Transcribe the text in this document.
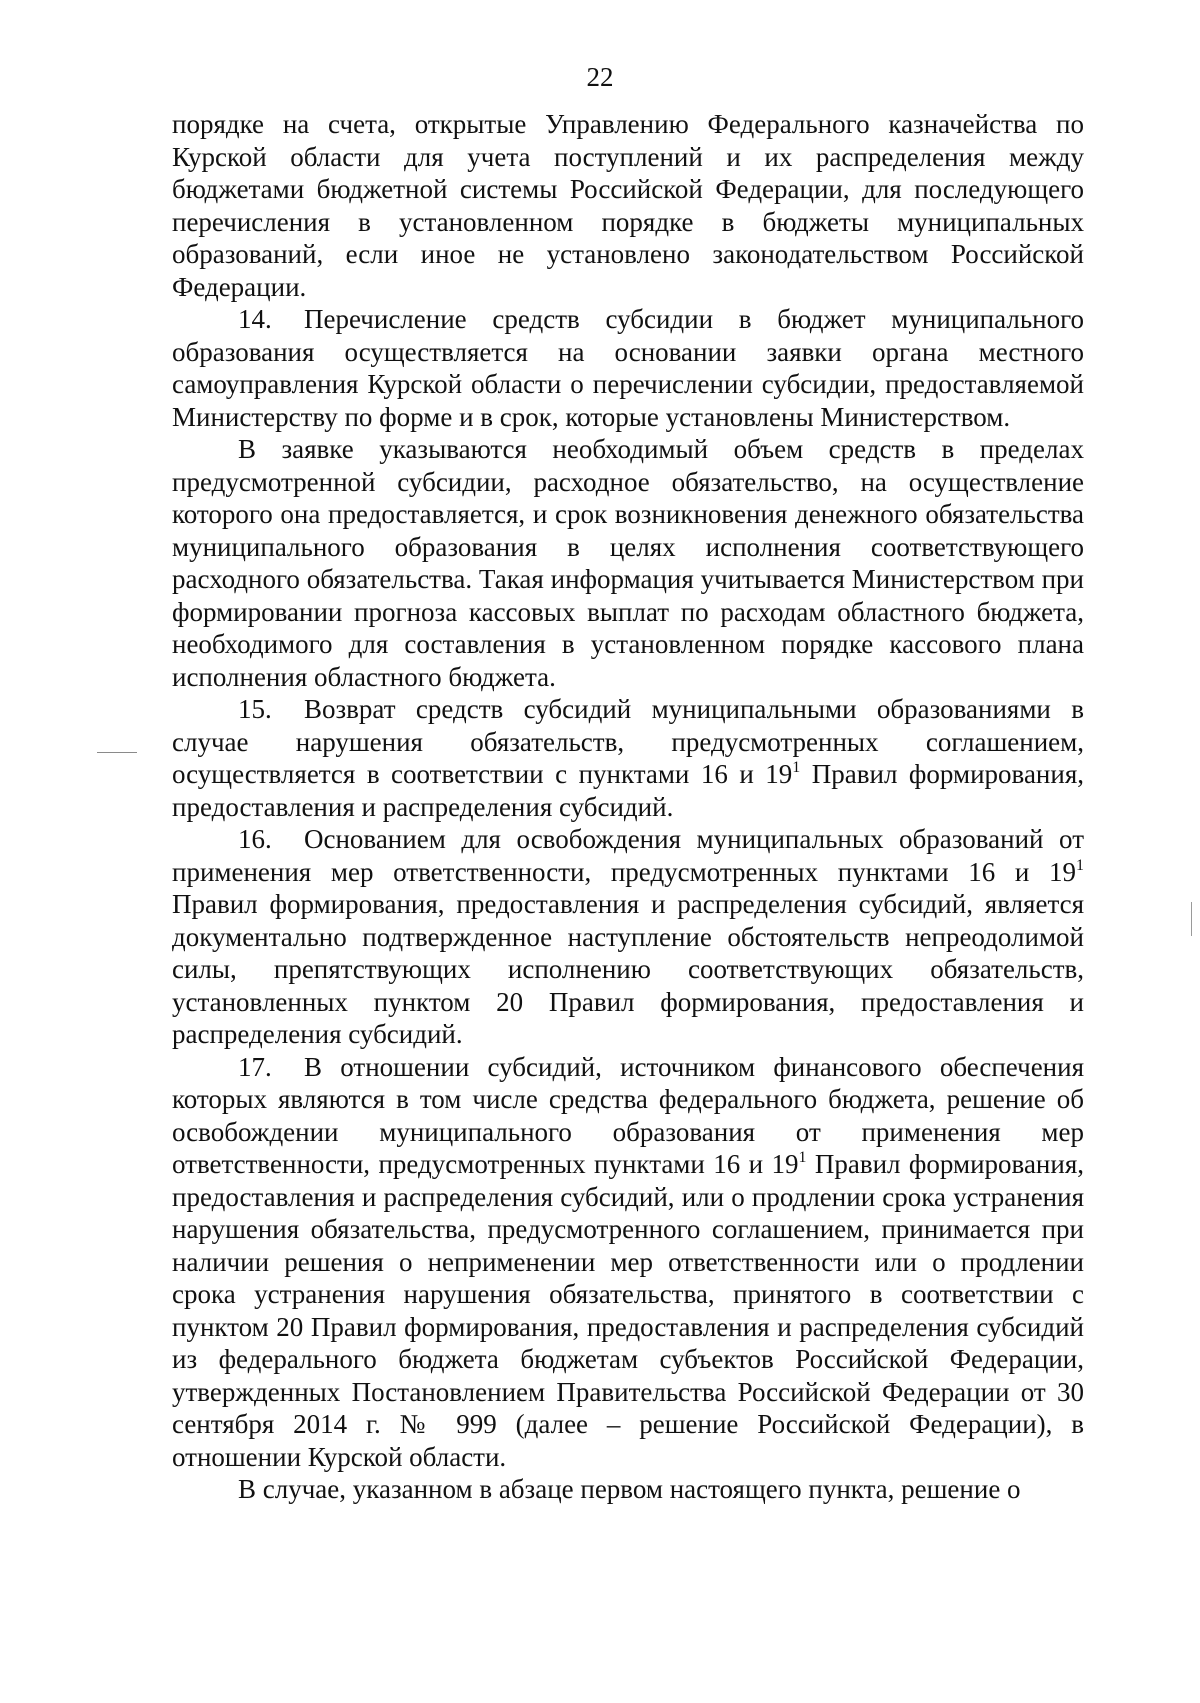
22

порядке на счета, открытые Управлению Федерального казначейства по Курской области для учета поступлений и их распределения между бюджетами бюджетной системы Российской Федерации, для последующего перечисления в установленном порядке в бюджеты муниципальных образований, если иное не установлено законодательством Российской Федерации.

14. Перечисление средств субсидии в бюджет муниципального образования осуществляется на основании заявки органа местного самоуправления Курской области о перечислении субсидии, предоставляемой Министерству по форме и в срок, которые установлены Министерством.

В заявке указываются необходимый объем средств в пределах предусмотренной субсидии, расходное обязательство, на осуществление которого она предоставляется, и срок возникновения денежного обязательства муниципального образования в целях исполнения соответствующего расходного обязательства. Такая информация учитывается Министерством при формировании прогноза кассовых выплат по расходам областного бюджета, необходимого для составления в установленном порядке кассового плана исполнения областного бюджета.

15. Возврат средств субсидий муниципальными образованиями в случае нарушения обязательств, предусмотренных соглашением, осуществляется в соответствии с пунктами 16 и $19^1$ Правил формирования, предоставления и распределения субсидий.

16. Основанием для освобождения муниципальных образований от применения мер ответственности, предусмотренных пунктами 16 и $19^1$ Правил формирования, предоставления и распределения субсидий, является документально подтвержденное наступление обстоятельств непреодолимой силы, препятствующих исполнению соответствующих обязательств, установленных пунктом 20 Правил формирования, предоставления и распределения субсидий.

17. В отношении субсидий, источником финансового обеспечения которых являются в том числе средства федерального бюджета, решение об освобождении муниципального образования от применения мер ответственности, предусмотренных пунктами 16 и $19^1$ Правил формирования, предоставления и распределения субсидий, или о продлении срока устранения нарушения обязательства, предусмотренного соглашением, принимается при наличии решения о неприменении мер ответственности или о продлении срока устранения нарушения обязательства, принятого в соответствии с пунктом 20 Правил формирования, предоставления и распределения субсидий из федерального бюджета бюджетам субъектов Российской Федерации, утвержденных Постановлением Правительства Российской Федерации от 30 сентября 2014 г. № 999 (далее – решение Российской Федерации), в отношении Курской области.

В случае, указанном в абзаце первом настоящего пункта, решение о
